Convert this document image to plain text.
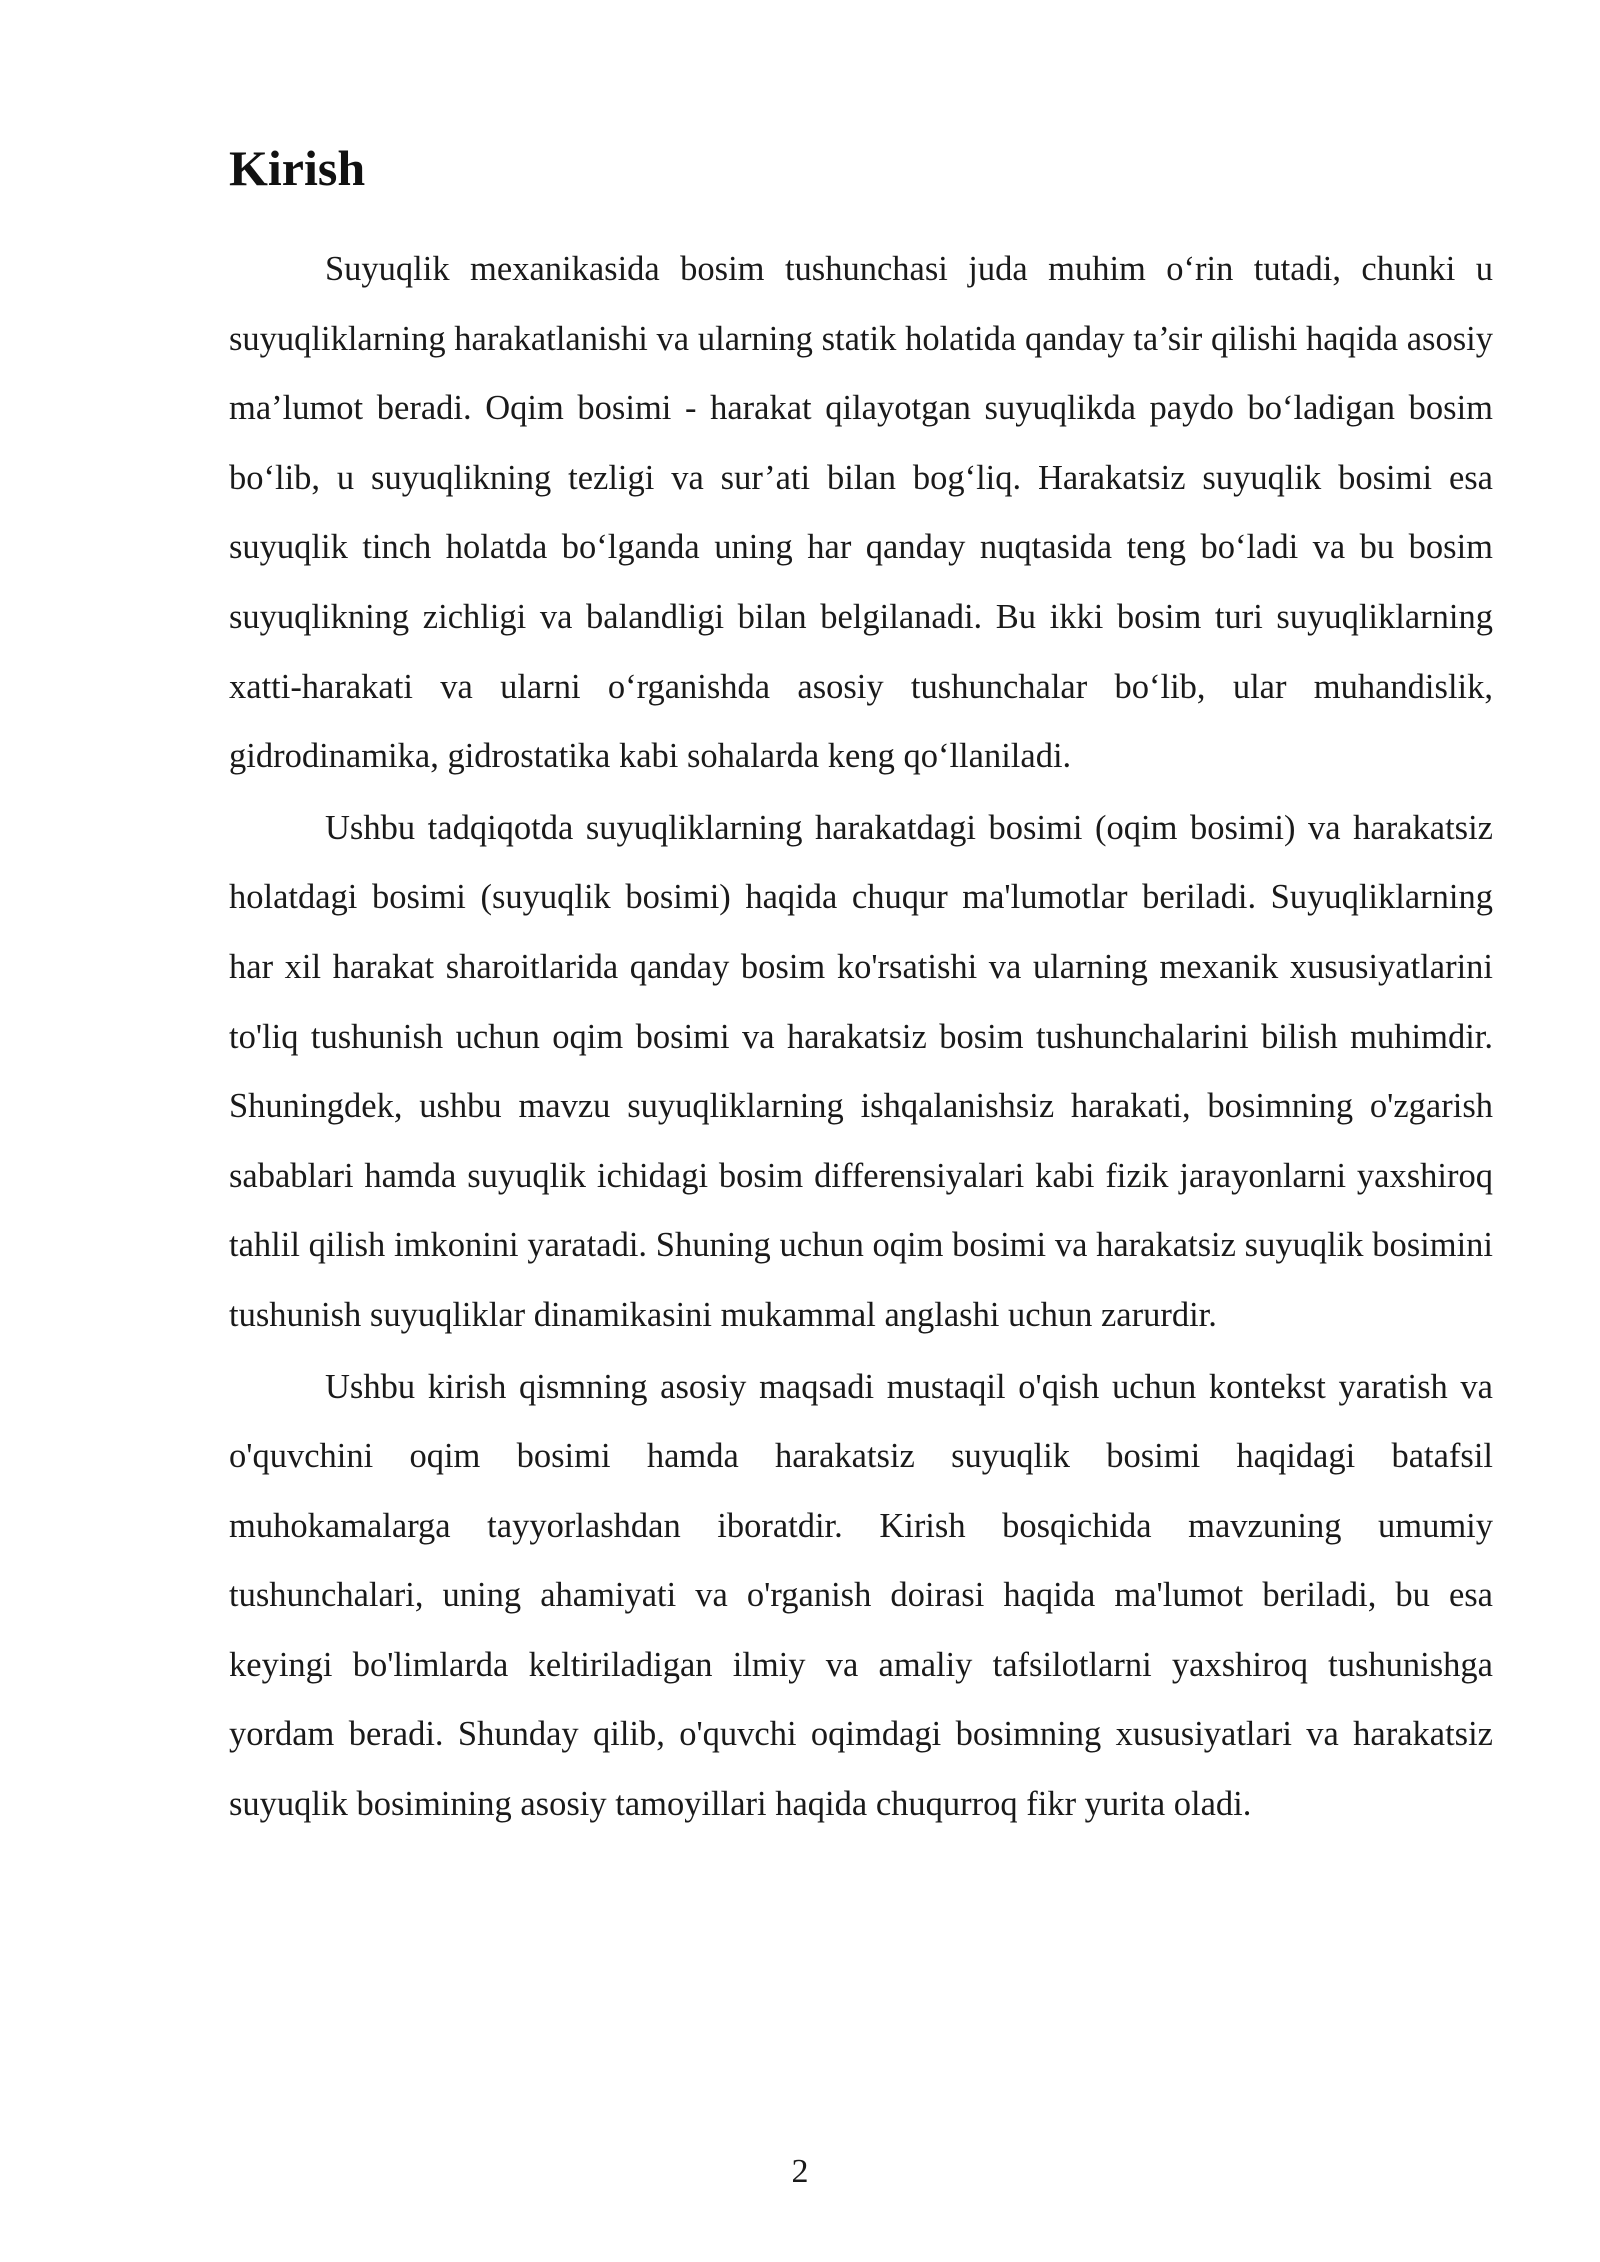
Kirish

Suyuqlik mexanikasida bosim tushunchasi juda muhim o‘rin tutadi, chunki u suyuqliklarning harakatlanishi va ularning statik holatida qanday ta’sir qilishi haqida asosiy ma’lumot beradi. Oqim bosimi - harakat qilayotgan suyuqlikda paydo bo‘ladigan bosim bo‘lib, u suyuqlikning tezligi va sur’ati bilan bog‘liq. Harakatsiz suyuqlik bosimi esa suyuqlik tinch holatda bo‘lganda uning har qanday nuqtasida teng bo‘ladi va bu bosim suyuqlikning zichligi va balandligi bilan belgilanadi. Bu ikki bosim turi suyuqliklarning xatti-harakati va ularni o‘rganishda asosiy tushunchalar bo‘lib, ular muhandislik, gidrodinamika, gidrostatika kabi sohalarda keng qo‘llaniladi.

Ushbu tadqiqotda suyuqliklarning harakatdagi bosimi (oqim bosimi) va harakatsiz holatdagi bosimi (suyuqlik bosimi) haqida chuqur ma'lumotlar beriladi. Suyuqliklarning har xil harakat sharoitlarida qanday bosim ko'rsatishi va ularning mexanik xususiyatlarini to'liq tushunish uchun oqim bosimi va harakatsiz bosim tushunchalarini bilish muhimdir. Shuningdek, ushbu mavzu suyuqliklarning ishqalanishsiz harakati, bosimning o'zgarish sabablari hamda suyuqlik ichidagi bosim differensiyalari kabi fizik jarayonlarni yaxshiroq tahlil qilish imkonini yaratadi. Shuning uchun oqim bosimi va harakatsiz suyuqlik bosimini tushunish suyuqliklar dinamikasini mukammal anglashi uchun zarurdir.

Ushbu kirish qismning asosiy maqsadi mustaqil o'qish uchun kontekst yaratish va o'quvchini oqim bosimi hamda harakatsiz suyuqlik bosimi haqidagi batafsil muhokamalarga tayyorlashdan iboratdir. Kirish bosqichida mavzuning umumiy tushunchalari, uning ahamiyati va o'rganish doirasi haqida ma'lumot beriladi, bu esa keyingi bo'limlarda keltiriladigan ilmiy va amaliy tafsilotlarni yaxshiroq tushunishga yordam beradi. Shunday qilib, o'quvchi oqimdagi bosimning xususiyatlari va harakatsiz suyuqlik bosimining asosiy tamoyillari haqida chuqurroq fikr yurita oladi.

2
